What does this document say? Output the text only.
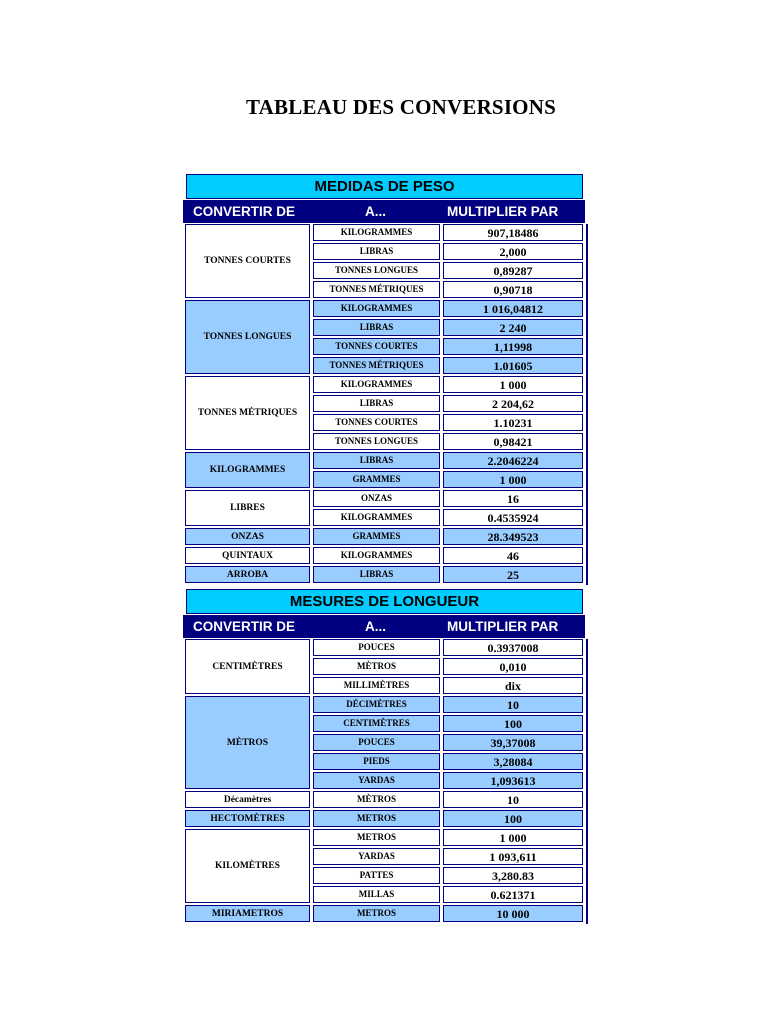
TABLEAU DES CONVERSIONS
MEDIDAS DE PESO
CONVERTIR DE	A...	MULTIPLIER PAR
TONNES COURTES
KILOGRAMMES	907,18486
LIBRAS	2,000
TONNES LONGUES	0,89287
TONNES MÉTRIQUES	0,90718
TONNES LONGUES
KILOGRAMMES	1 016,04812
LIBRAS	2 240
TONNES COURTES	1,11998
TONNES MÉTRIQUES	1.01605
TONNES MÉTRIQUES
KILOGRAMMES	1 000
LIBRAS	2 204,62
TONNES COURTES	1.10231
TONNES LONGUES	0,98421
KILOGRAMMES
LIBRAS	2.2046224
GRAMMES	1 000
LIBRES
ONZAS	16
KILOGRAMMES	0.4535924
ONZAS	GRAMMES	28.349523
QUINTAUX	KILOGRAMMES	46
ARROBA	LIBRAS	25
MESURES DE LONGUEUR
CONVERTIR DE	A...	MULTIPLIER PAR
CENTIMÈTRES
POUCES	0.3937008
MÈTROS	0,010
MILLIMÈTRES	dix
MÈTROS
DÉCIMÈTRES	10
CENTIMÈTRES	100
POUCES	39,37008
PIEDS	3,28084
YARDAS	1,093613
Décamètres	MÈTROS	10
HECTOMÈTRES	METROS	100
KILOMÈTRES
METROS	1 000
YARDAS	1 093,611
PATTES	3,280.83
MILLAS	0.621371
MIRIAMETROS	METROS	10 000
